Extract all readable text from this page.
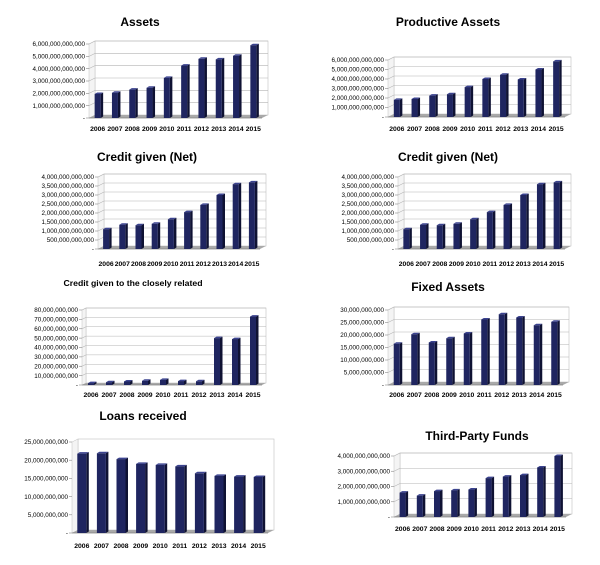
-
1,000,000,000,000
2,000,000,000,000
3,000,000,000,000
4,000,000,000,000
5,000,000,000,000
6,000,000,000,000
2006 2007 2008 2009 2010 2011 2012 2013 2014 2015
Assets
-
1,000,000,000,000
2,000,000,000,000
3,000,000,000,000
4,000,000,000,000
5,000,000,000,000
6,000,000,000,000
2006 2007 2008 2009 2010 2011 2012 2013 2014 2015
Productive Assets
-
500,000,000,000
1,000,000,000,000
1,500,000,000,000
2,000,000,000,000
2,500,000,000,000
3,000,000,000,000
3,500,000,000,000
4,000,000,000,000
2006 2007 2008 2009 2010 2011 2012 2013 2014 2015
Credit given (Net)
-
500,000,000,000
1,000,000,000,000
1,500,000,000,000
2,000,000,000,000
2,500,000,000,000
3,000,000,000,000
3,500,000,000,000
4,000,000,000,000
2006 2007 2008 2009 2010 2011 2012 2013 2014 2015
Credit given (Net)
-
10,000,000,000
20,000,000,000
30,000,000,000
40,000,000,000
50,000,000,000
60,000,000,000
70,000,000,000
80,000,000,000
2006 2007 2008 2009 2010 2011 2012 2013 2014 2015
Credit given to the closely related
-
5,000,000,000
10,000,000,000
15,000,000,000
20,000,000,000
25,000,000,000
30,000,000,000
2006 2007 2008 2009 2010 2011 2012 2013 2014 2015
Fixed Assets
-
5,000,000,000
10,000,000,000
15,000,000,000
20,000,000,000
25,000,000,000
2006 2007 2008 2009 2010 2011 2012 2013 2014 2015
Loans received
-
1,000,000,000,000
2,000,000,000,000
3,000,000,000,000
4,000,000,000,000
2006 2007 2008 2009 2010 2011 2012 2013 2014 2015
Third-Party Funds
